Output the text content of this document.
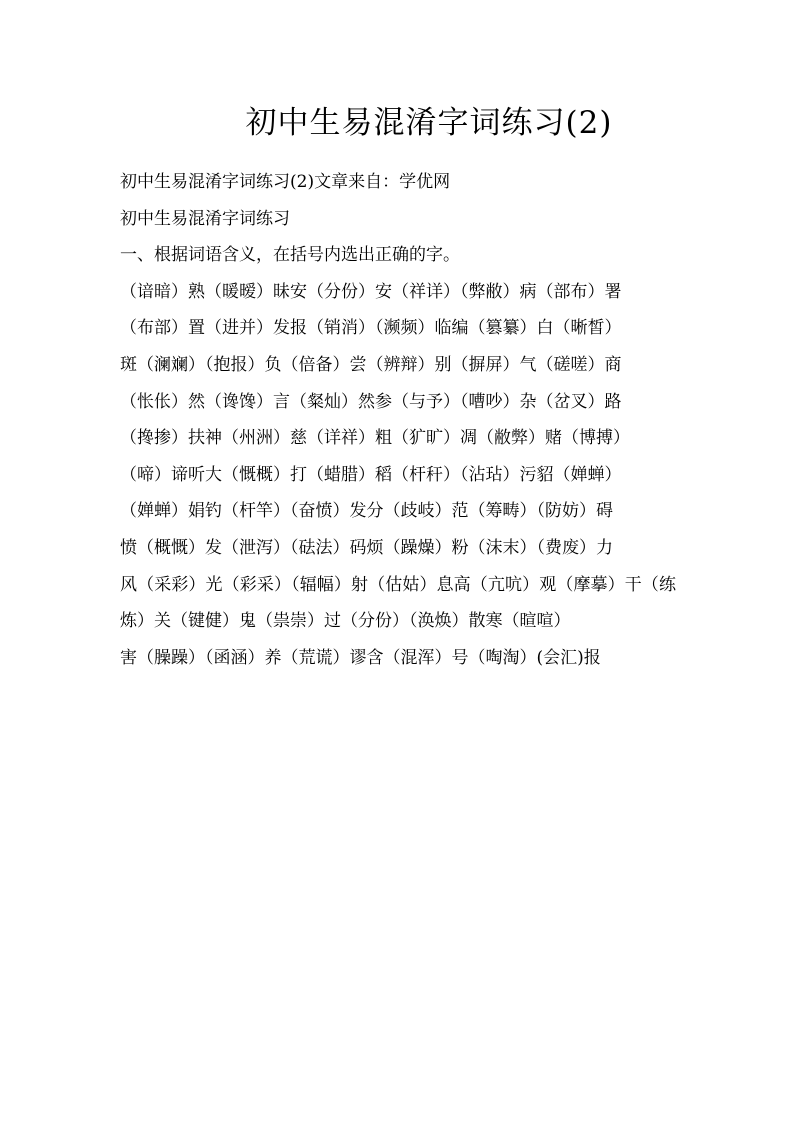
初中生易混淆字词练习(2)

初中生易混淆字词练习(2)文章来自：学优网

初中生易混淆字词练习

一、根据词语含义，在括号内选出正确的字。

（谙暗）熟（暖暧）昧安（分份）安（祥详）（弊敝）病（部布）署

（布部）置（进并）发报（销消）（濒频）临编（篡纂）白（晰皙）

斑（澜斓）（抱报）负（倍备）尝（辨辩）别（摒屏）气（磋嗟）商

（怅伥）然（谗馋）言（粲灿）然参（与予）（嘈吵）杂（岔叉）路

（搀掺）扶神（州洲）慈（详祥）粗（犷旷）凋（敝弊）赌（博搏）

（啼）谛听大（慨概）打（蜡腊）稻（杆秆）（沾玷）污貂（婵蝉）

（婵蝉）娟钓（杆竿）（奋愤）发分（歧岐）范（筹畴）（防妨）碍

愤（概慨）发（泄泻）（砝法）码烦（躁燥）粉（沫末）（费废）力

风（采彩）光（彩采）（辐幅）射（估姑）息高（亢吭）观（摩摹）干（练炼）关（键健）鬼（祟崇）过（分份）（涣焕）散寒（暄喧）

害（臊躁）（函涵）养（荒谎）谬含（混浑）号（啕淘）(会汇)报
